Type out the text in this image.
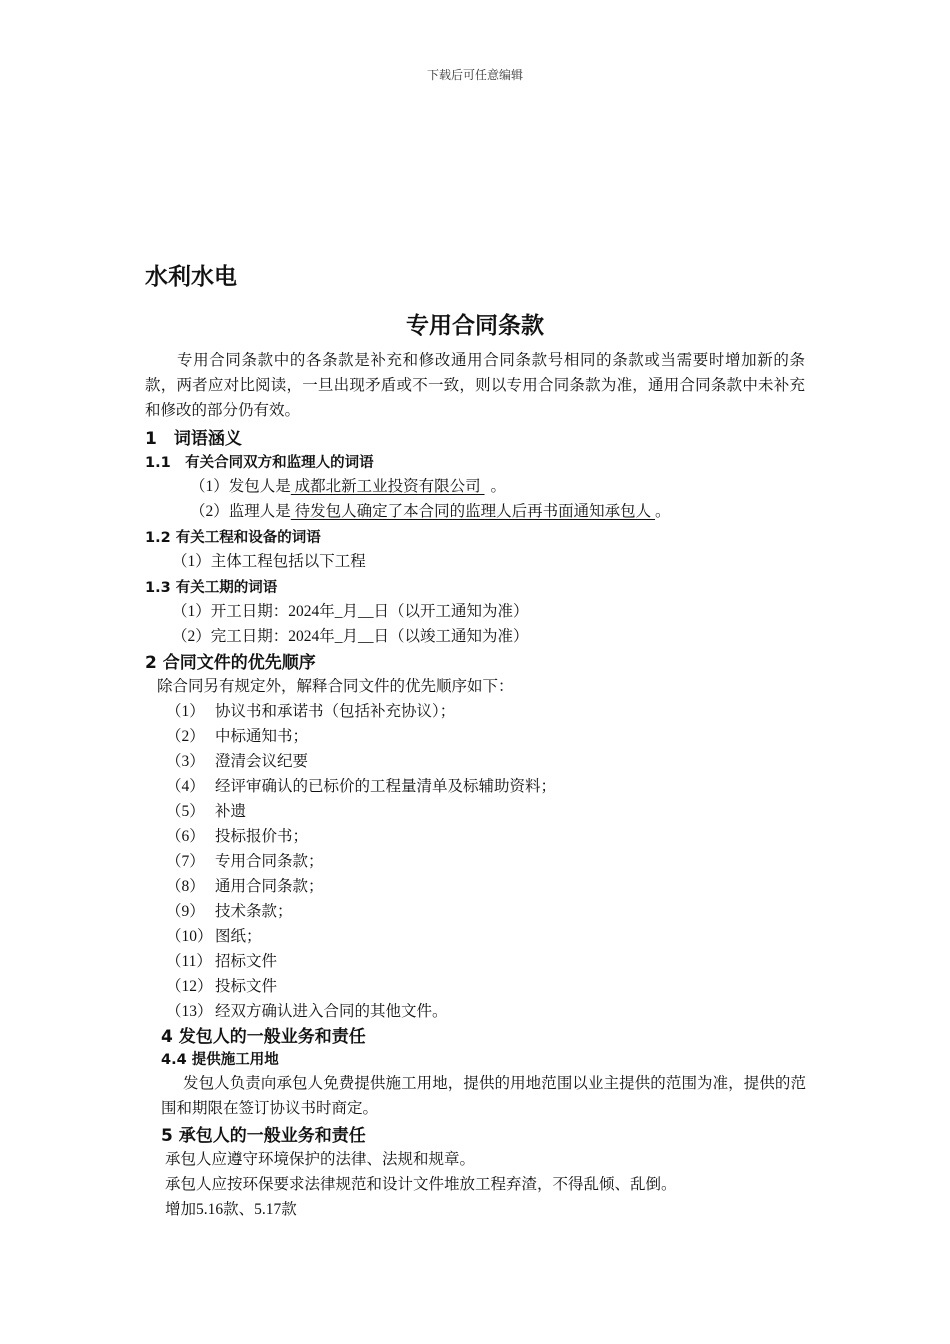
下载后可任意编辑
水利水电
专用合同条款
专用合同条款中的各条款是补充和修改通用合同条款号相同的条款或当需要时增加新的条款，两者应对比阅读，一旦出现矛盾或不一致，则以专用合同条款为准，通用合同条款中未补充和修改的部分仍有效。
1　词语涵义
1.1　有关合同双方和监理人的词语
（1）发包人是 成都北新工业投资有限公司 。
（2）监理人是 待发包人确定了本合同的监理人后再书面通知承包人 。
1.2 有关工程和设备的词语
（1）主体工程包括以下工程
1.3 有关工期的词语
（1）开工日期：2024年_月__日（以开工通知为准）
（2）完工日期：2024年_月__日（以竣工通知为准）
2 合同文件的优先顺序
除合同另有规定外，解释合同文件的优先顺序如下：
（1） 协议书和承诺书（包括补充协议）；
（2） 中标通知书；
（3） 澄清会议纪要
（4） 经评审确认的已标价的工程量清单及标辅助资料；
（5） 补遗
（6） 投标报价书；
（7） 专用合同条款；
（8） 通用合同条款；
（9） 技术条款；
（10） 图纸；
（11） 招标文件
（12） 投标文件
（13） 经双方确认进入合同的其他文件。
4 发包人的一般业务和责任
4.4 提供施工用地
发包人负责向承包人免费提供施工用地，提供的用地范围以业主提供的范围为准，提供的范围和期限在签订协议书时商定。
5 承包人的一般业务和责任
承包人应遵守环境保护的法律、法规和规章。
承包人应按环保要求法律规范和设计文件堆放工程弃渣，不得乱倾、乱倒。
增加5.16款、5.17款
